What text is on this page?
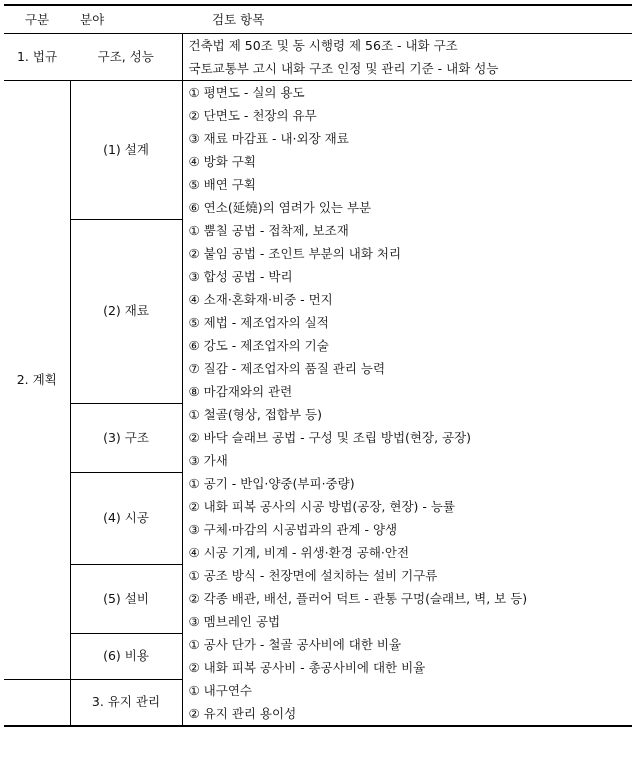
구분	분야	검토 항목
1. 법규	구조, 성능	건축법 제 50조 및 동 시행령 제 56조 - 내화 구조
		국토교통부 고시 내화 구조 인정 및 관리 기준 - 내화 성능
2. 계획	(1) 설계	① 평면도 - 실의 용도
		② 단면도 - 천장의 유무
		③ 재료 마감표 - 내·외장 재료
		④ 방화 구획
		⑤ 배연 구획
		⑥ 연소(延燒)의 염려가 있는 부분
	(2) 재료	① 뿜칠 공법 - 접착제, 보조재
		② 붙임 공법 - 조인트 부분의 내화 처리
		③ 합성 공법 - 박리
		④ 소재·혼화재·비중 - 먼지
		⑤ 제법 - 제조업자의 실적
		⑥ 강도 - 제조업자의 기술
		⑦ 질감 - 제조업자의 품질 관리 능력
		⑧ 마감재와의 관련
	(3) 구조	① 철골(형상, 접합부 등)
		② 바닥 슬래브 공법 - 구성 및 조립 방법(현장, 공장)
		③ 가새
	(4) 시공	① 공기 - 반입·양중(부피·중량)
		② 내화 피복 공사의 시공 방법(공장, 현장) - 능률
		③ 구체·마감의 시공법과의 관계 - 양생
		④ 시공 기계, 비계 - 위생·환경 공해·안전
	(5) 설비	① 공조 방식 - 천장면에 설치하는 설비 기구류
		② 각종 배관, 배선, 플러어 덕트 - 관통 구멍(슬래브, 벽, 보 등)
		③ 멤브레인 공법
	(6) 비용	① 공사 단가 - 철골 공사비에 대한 비율
		② 내화 피복 공사비 - 총공사비에 대한 비율
	3. 유지 관리	① 내구연수
		② 유지 관리 용이성
